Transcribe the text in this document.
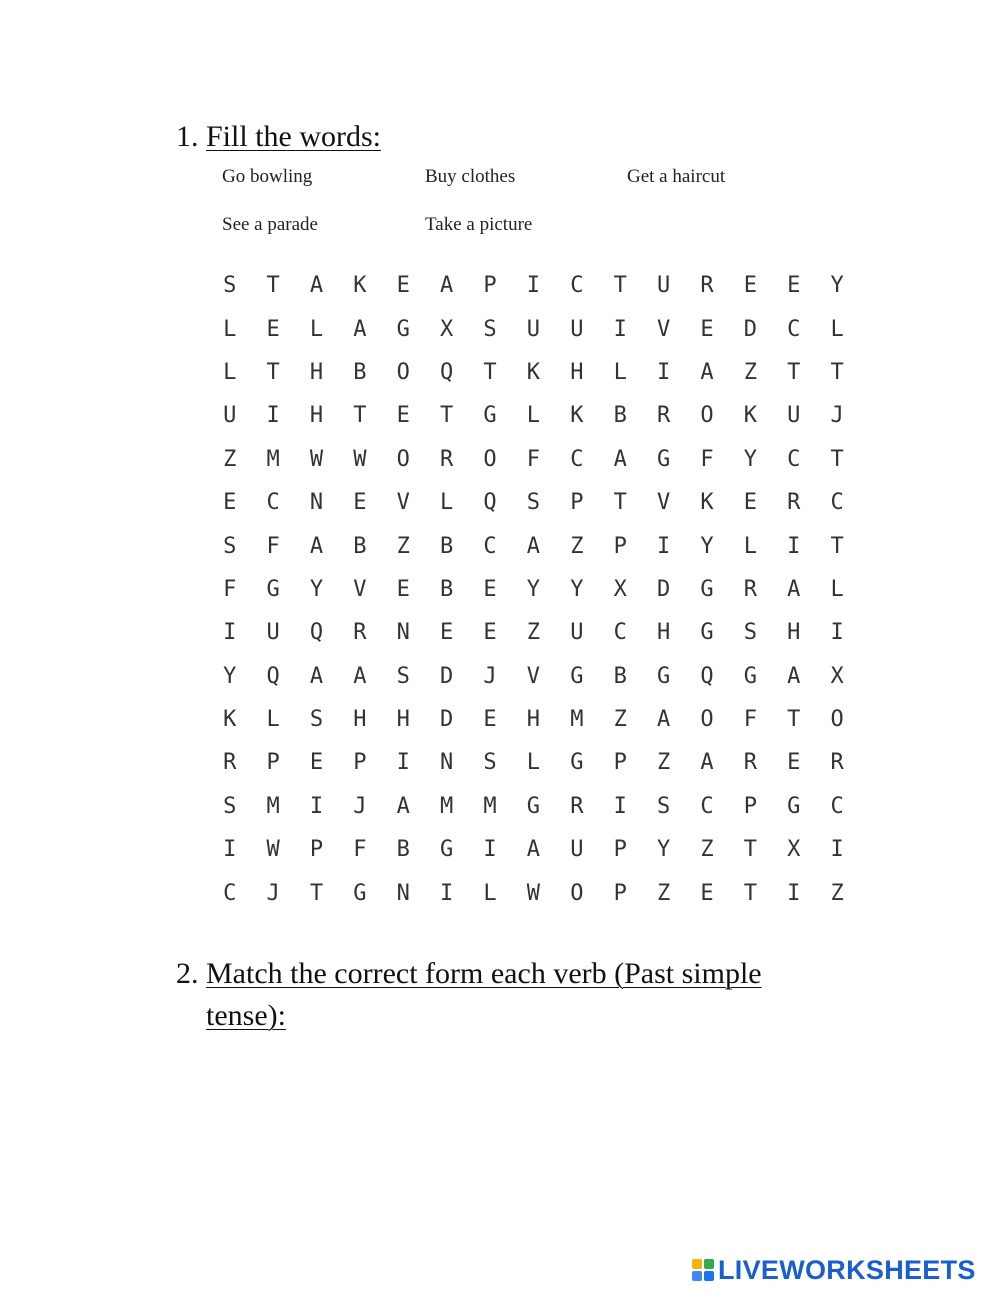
1. Fill the words:
Go bowling	Buy clothes	Get a haircut
See a parade	Take a picture
S	T	A	K	E	A	P	I	C	T	U	R	E	E	Y
L	E	L	A	G	X	S	U	U	I	V	E	D	C	L
L	T	H	B	O	Q	T	K	H	L	I	A	Z	T	T
U	I	H	T	E	T	G	L	K	B	R	O	K	U	J
Z	M	W	W	O	R	O	F	C	A	G	F	Y	C	T
E	C	N	E	V	L	Q	S	P	T	V	K	E	R	C
S	F	A	B	Z	B	C	A	Z	P	I	Y	L	I	T
F	G	Y	V	E	B	E	Y	Y	X	D	G	R	A	L
I	U	Q	R	N	E	E	Z	U	C	H	G	S	H	I
Y	Q	A	A	S	D	J	V	G	B	G	Q	G	A	X
K	L	S	H	H	D	E	H	M	Z	A	O	F	T	O
R	P	E	P	I	N	S	L	G	P	Z	A	R	E	R
S	M	I	J	A	M	M	G	R	I	S	C	P	G	C
I	W	P	F	B	G	I	A	U	P	Y	Z	T	X	I
C	J	T	G	N	I	L	W	O	P	Z	E	T	I	Z
2. Match the correct form each verb (Past simple tense):
LIVEWORKSHEETS
